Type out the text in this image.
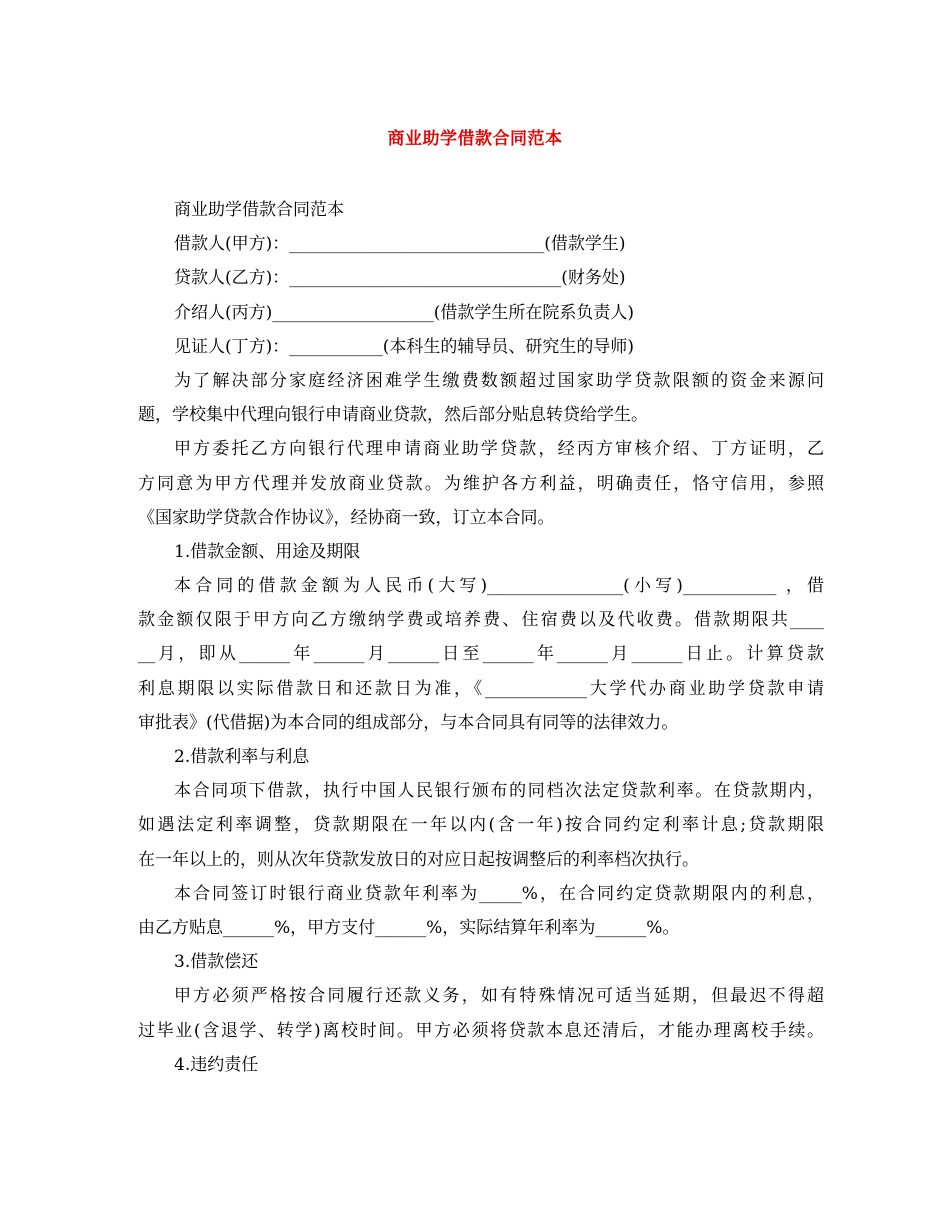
商业助学借款合同范本
商业助学借款合同范本
借款人(甲方)：______________________________(借款学生)
贷款人(乙方)：________________________________(财务处)
介绍人(丙方)___________________(借款学生所在院系负责人)
见证人(丁方)：___________(本科生的辅导员、研究生的导师)
为了解决部分家庭经济困难学生缴费数额超过国家助学贷款限额的资金来源问
题，学校集中代理向银行申请商业贷款，然后部分贴息转贷给学生。
甲方委托乙方向银行代理申请商业助学贷款，经丙方审核介绍、丁方证明，乙
方同意为甲方代理并发放商业贷款。为维护各方利益，明确责任，恪守信用，参照
《国家助学贷款合作协议》，经协商一致，订立本合同。
1.借款金额、用途及期限
本合同的借款金额为人民币(大写)________________(小写)___________ ，借
款金额仅限于甲方向乙方缴纳学费或培养费、住宿费以及代收费。借款期限共____
__月，即从______年______月______日至______年______月______日止。计算贷款
利息期限以实际借款日和还款日为准，《____________大学代办商业助学贷款申请
审批表》(代借据)为本合同的组成部分，与本合同具有同等的法律效力。
2.借款利率与利息
本合同项下借款，执行中国人民银行颁布的同档次法定贷款利率。在贷款期内，
如遇法定利率调整，贷款期限在一年以内(含一年)按合同约定利率计息;贷款期限
在一年以上的，则从次年贷款发放日的对应日起按调整后的利率档次执行。
本合同签订时银行商业贷款年利率为_____%，在合同约定贷款期限内的利息，
由乙方贴息______%，甲方支付______%，实际结算年利率为______%。
3.借款偿还
甲方必须严格按合同履行还款义务，如有特殊情况可适当延期，但最迟不得超
过毕业(含退学、转学)离校时间。甲方必须将贷款本息还清后，才能办理离校手续。
4.违约责任
